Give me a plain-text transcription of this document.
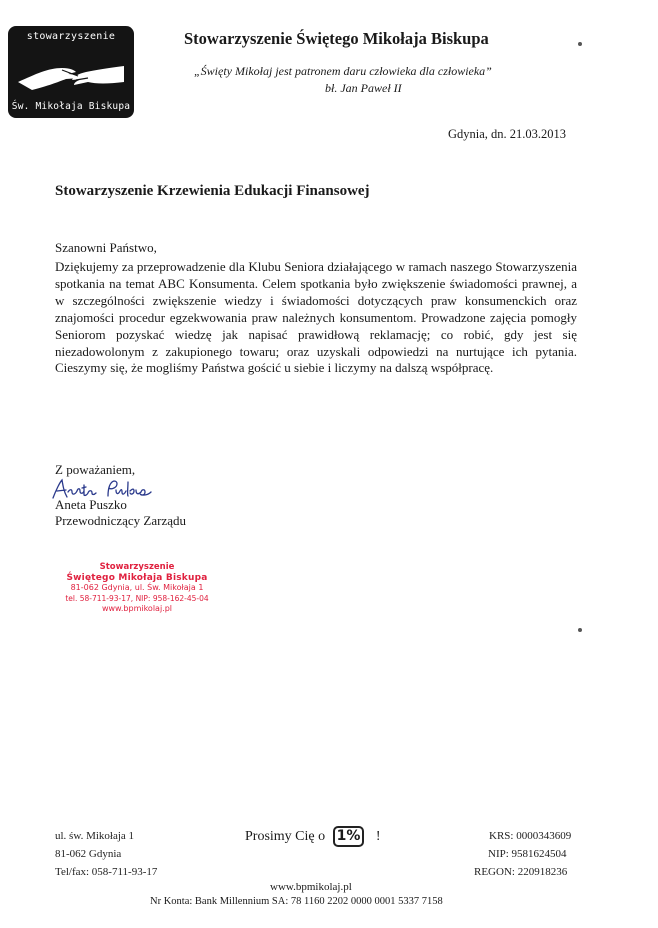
stowarzyszenie
Św. Mikołaja Biskupa
Stowarzyszenie Świętego Mikołaja Biskupa
„Święty Mikołaj jest patronem daru człowieka dla człowieka”
bł. Jan Paweł II
Gdynia, dn. 21.03.2013
Stowarzyszenie Krzewienia Edukacji Finansowej
Szanowni Państwo,
Dziękujemy za przeprowadzenie dla Klubu Seniora działającego w ramach naszego Stowarzyszenia spotkania na temat ABC Konsumenta. Celem spotkania było zwiększenie świadomości prawnej, a w szczególności zwiększenie wiedzy i świadomości dotyczących praw konsumenckich oraz znajomości procedur egzekwowania praw należnych konsumentom. Prowadzone zajęcia pomogły Seniorom pozyskać wiedzę jak napisać prawidłową reklamację; co robić, gdy jest się niezadowolonym z zakupionego towaru; oraz uzyskali odpowiedzi na nurtujące ich pytania. Cieszymy się, że mogliśmy Państwa gościć u siebie i liczymy na dalszą współpracę.
Z poważaniem,
Aneta Puszko
Przewodniczący Zarządu
Stowarzyszenie
Świętego Mikołaja Biskupa
81-062 Gdynia, ul. Św. Mikołaja 1
tel. 58-711-93-17, NIP: 958-162-45-04
www.bpmikolaj.pl
ul. św. Mikołaja 1
81-062 Gdynia
Tel/fax: 058-711-93-17
Prosimy Cię o 1% !	KRS: 0000343609
NIP: 9581624504
REGON: 220918236
www.bpmikolaj.pl
Nr Konta: Bank Millennium SA: 78 1160 2202 0000 0001 5337 7158
